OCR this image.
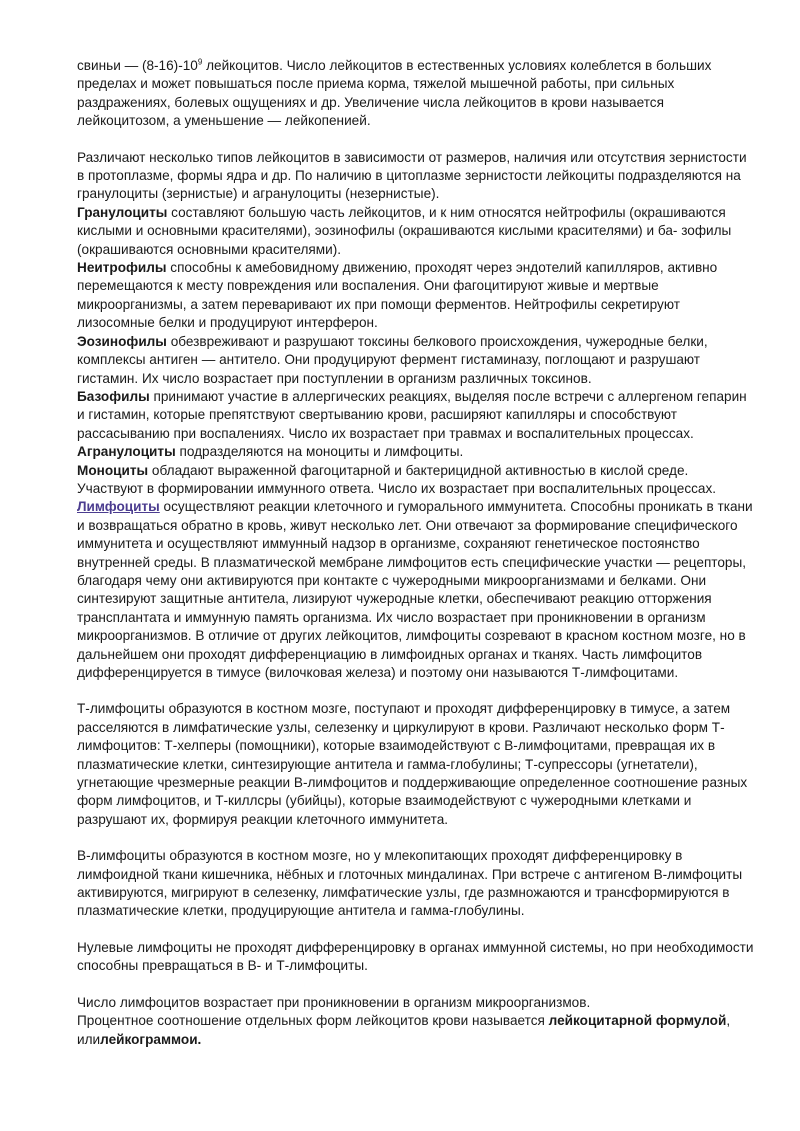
свиньи — $(8-16)-10^9$ лейкоцитов. Число лейкоцитов в естественных условиях колеблется в больших пределах и может повышаться после приема корма, тяжелой мышечной работы, при сильных раздражениях, болевых ощущениях и др. Увеличение числа лейкоцитов в крови называется лейкоцитозом, а уменьшение — лейкопенией.

Различают несколько типов лейкоцитов в зависимости от размеров, наличия или отсутствия зернистости в протоплазме, формы ядра и др. По наличию в цитоплазме зернистости лейкоциты подразделяются на гранулоциты (зернистые) и агранулоциты (незернистые).

Гранулоциты составляют большую часть лейкоцитов, и к ним относятся нейтрофилы (окрашиваются кислыми и основными красителями), эозинофилы (окрашиваются кислыми красителями) и ба- зофилы (окрашиваются основными красителями).

Неитрофилы способны к амебовидному движению, проходят через эндотелий капилляров, активно перемещаются к месту повреждения или воспаления. Они фагоцитируют живые и мертвые микроорганизмы, а затем переваривают их при помощи ферментов. Нейтрофилы секретируют лизосомные белки и продуцируют интерферон.

Эозинофилы обезвреживают и разрушают токсины белкового происхождения, чужеродные белки, комплексы антиген — антитело. Они продуцируют фермент гистаминазу, поглощают и разрушают гистамин. Их число возрастает при поступлении в организм различных токсинов.

Базофилы принимают участие в аллергических реакциях, выделяя после встречи с аллергеном гепарин и гистамин, которые препятствуют свертыванию крови, расширяют капилляры и способствуют рассасыванию при воспалениях. Число их возрастает при травмах и воспалительных процессах.

Агранулоциты подразделяются на моноциты и лимфоциты.

Моноциты обладают выраженной фагоцитарной и бактерицидной активностью в кислой среде. Участвуют в формировании иммунного ответа. Число их возрастает при воспалительных процессах.

Лимфоциты осуществляют реакции клеточного и гуморального иммунитета. Способны проникать в ткани и возвращаться обратно в кровь, живут несколько лет. Они отвечают за формирование специфического иммунитета и осуществляют иммунный надзор в организме, сохраняют генетическое постоянство внутренней среды. В плазматической мембране лимфоцитов есть специфические участки — рецепторы, благодаря чему они активируются при контакте с чужеродными микроорганизмами и белками. Они синтезируют защитные антитела, лизируют чужеродные клетки, обеспечивают реакцию отторжения трансплантата и иммунную память организма. Их число возрастает при проникновении в организм микроорганизмов. В отличие от других лейкоцитов, лимфоциты созревают в красном костном мозге, но в дальнейшем они проходят дифференциацию в лимфоидных органах и тканях. Часть лимфоцитов дифференцируется в тимусе (вилочковая железа) и поэтому они называются Т-лимфоцитами.

Т-лимфоциты образуются в костном мозге, поступают и проходят дифференцировку в тимусе, а затем расселяются в лимфатические узлы, селезенку и циркулируют в крови. Различают несколько форм Т-лимфоцитов: Т-хелперы (помощники), которые взаимодействуют с В-лимфоцитами, превращая их в плазматические клетки, синтезирующие антитела и гамма-глобулины; Т-супрессоры (угнетатели), угнетающие чрезмерные реакции В-лимфоцитов и поддерживающие определенное соотношение разных форм лимфоцитов, и Т-киллсры (убийцы), которые взаимодействуют с чужеродными клетками и разрушают их, формируя реакции клеточного иммунитета.

В-лимфоциты образуются в костном мозге, но у млекопитающих проходят дифференцировку в лимфоидной ткани кишечника, нёбных и глоточных миндалинах. При встрече с антигеном В-лимфоциты активируются, мигрируют в селезенку, лимфатические узлы, где размножаются и трансформируются в плазматические клетки, продуцирующие антитела и гамма-глобулины.

Нулевые лимфоциты не проходят дифференцировку в органах иммунной системы, но при необходимости способны превращаться в В- и Т-лимфоциты.

Число лимфоцитов возрастает при проникновении в организм микроорганизмов.

Процентное соотношение отдельных форм лейкоцитов крови называется лейкоцитарной формулой, илилейкограммои.
